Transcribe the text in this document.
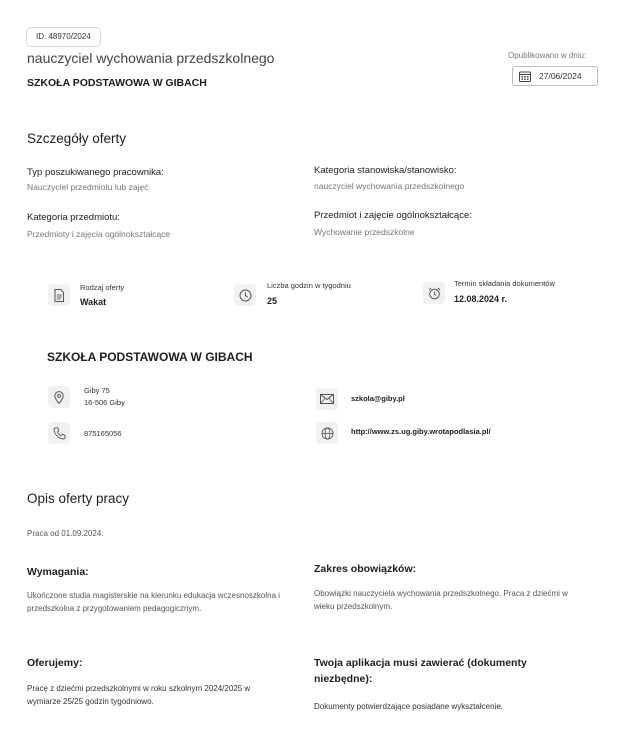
ID: 48970/2024
nauczyciel wychowania przedszkolnego
SZKOŁA PODSTAWOWA W GIBACH
Opublikowano w dniu:
27/06/2024
Szczegóły oferty
Typ poszukiwanego pracownika:
Nauczyciel przedmiotu lub zajęć
Kategoria stanowiska/stanowisko:
nauczyciel wychowania przedszkolnego
Kategoria przedmiotu:
Przedmioty i zajęcia ogólnokształcące
Przedmiot i zajęcie ogólnokształcące:
Wychowanie przedszkolne
Rodzaj oferty
Wakat
Liczba godzin w tygodniu
25
Termin składania dokumentów
12.08.2024 r.
SZKOŁA PODSTAWOWA W GIBACH
Giby 75
16-506 Giby
875165056
szkola@giby.pl
http://www.zs.ug.giby.wrotapodlasia.pl/
Opis oferty pracy
Praca od 01.09.2024.
Wymagania:
Ukończone studia magisterskie na kierunku edukacja wczesnoszkolna i przedszkolna z przygotowaniem pedagogicznym.
Zakres obowiązków:
Obowiązki nauczyciela wychowania przedszkolnego. Praca z dziećmi w wieku przedszkolnym.
Oferujemy:
Pracę z dziećmi przedszkolnymi w roku szkolnym 2024/2025 w wymiarze 25/25 godzin tygodniowo.
Twoja aplikacja musi zawierać (dokumenty niezbędne):
Dokumenty potwierdzające posiadane wykształcenie.
